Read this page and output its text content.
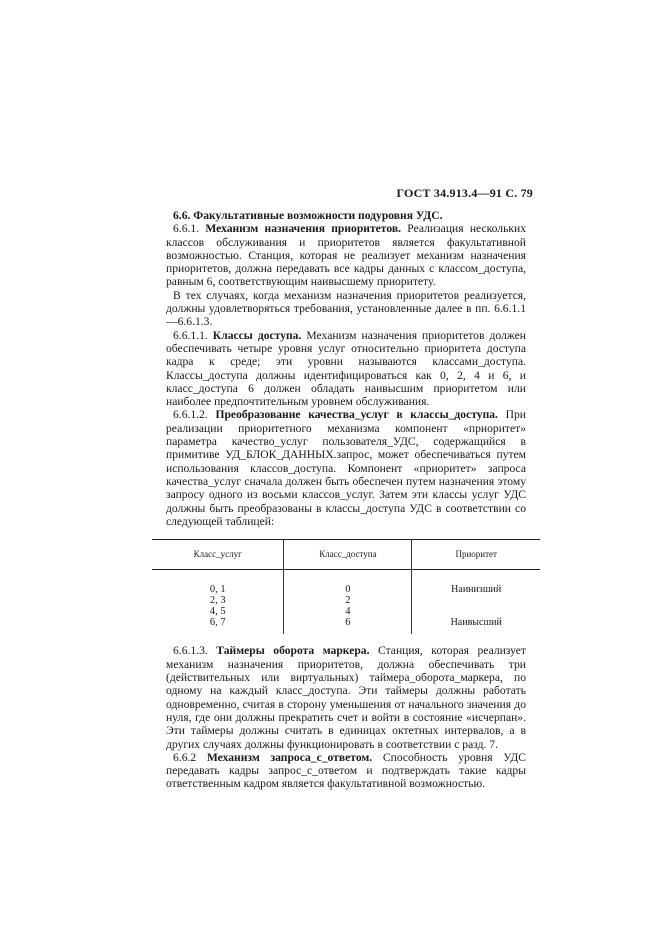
ГОСТ 34.913.4—91 С. 79

6.6. Факультативные возможности подуровня УДС.

6.6.1. Механизм назначения приоритетов. Реализация нескольких классов обслуживания и приоритетов является факультативной возможностью. Станция, которая не реализует механизм назначения приоритетов, должна передавать все кадры данных с классом_доступа, равным 6, соответствующим наивысшему приоритету.

В тех случаях, когда механизм назначения приоритетов реализуется, должны удовлетворяться требования, установленные далее в пп. 6.6.1.1—6.6.1.3.

6.6.1.1. Классы доступа. Механизм назначения приоритетов должен обеспечивать четыре уровня услуг относительно приоритета доступа кадра к среде; эти уровни называются классами_доступа. Классы_доступа должны идентифицироваться как 0, 2, 4 и 6, и класс_доступа 6 должен обладать наивысшим приоритетом или наиболее предпочтительным уровнем обслуживания.

6.6.1.2. Преобразование качества_услуг в классы_доступа. При реализации приоритетного механизма компонент «приоритет» параметра качество_услуг пользователя_УДС, содержащийся в примитиве УД_БЛОК_ДАННЫХ.запрос, может обеспечиваться путем использования классов_доступа. Компонент «приоритет» запроса качества_услуг сначала должен быть обеспечен путем назначения этому запросу одного из восьми классов_услуг. Затем эти классы услуг УДС должны быть преобразованы в классы_доступа УДС в соответствии со следующей таблицей:

Класс_услуг	Класс_доступа	Приоритет

0, 1	0	Наинизший
2, 3	2	
4, 5	4	
6, 7	6	Наивысший

6.6.1.3. Таймеры оборота маркера. Станция, которая реализует механизм назначения приоритетов, должна обеспечивать три (действительных или виртуальных) таймера_оборота_маркера, по одному на каждый класс_доступа. Эти таймеры должны работать одновременно, считая в сторону уменьшения от начального значения до нуля, где они должны прекратить счет и войти в состояние «исчерпан». Эти таймеры должны считать в единицах октетных интервалов, а в других случаях должны функционировать в соответствии с разд. 7.

6.6.2 Механизм запроса_с_ответом. Способность уровня УДС передавать кадры запрос_с_ответом и подтверждать такие кадры ответственным кадром является факультативной возможностью.
